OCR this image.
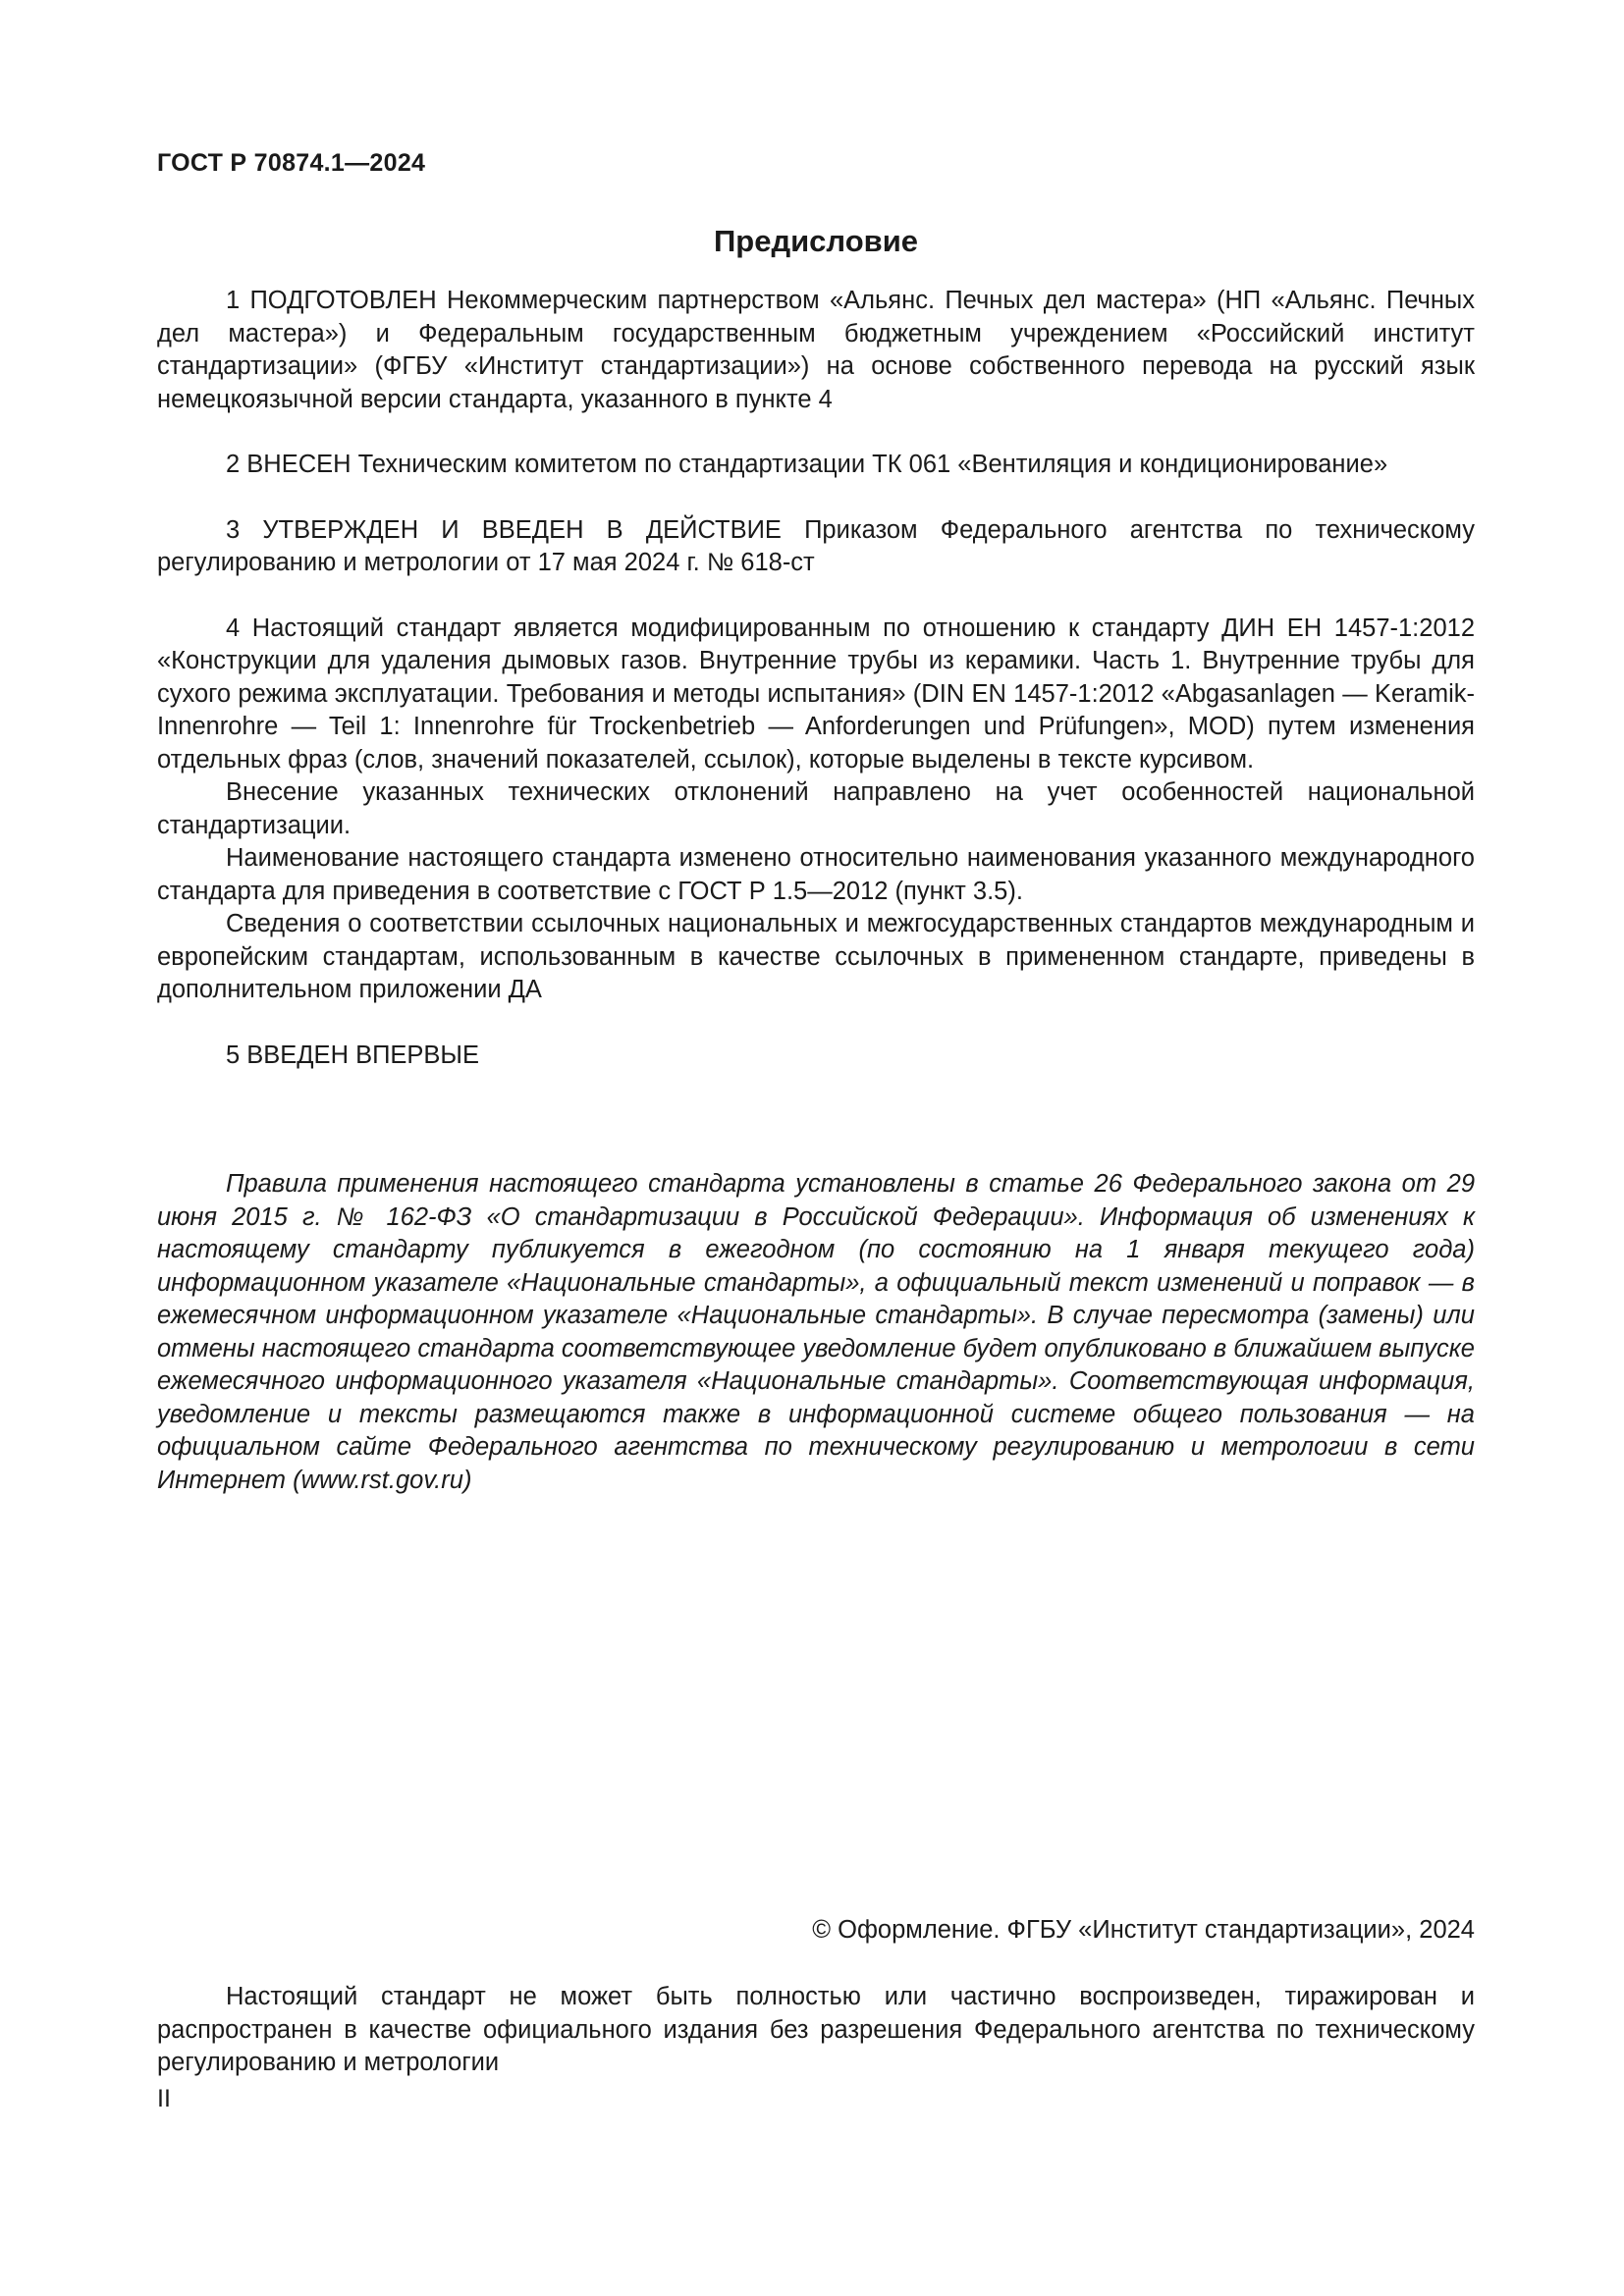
ГОСТ Р 70874.1—2024
Предисловие

1 ПОДГОТОВЛЕН Некоммерческим партнерством «Альянс. Печных дел мастера» (НП «Альянс. Печных дел мастера») и Федеральным государственным бюджетным учреждением «Российский институт стандартизации» (ФГБУ «Институт стандартизации») на основе собственного перевода на русский язык немецкоязычной версии стандарта, указанного в пункте 4

2 ВНЕСЕН Техническим комитетом по стандартизации ТК 061 «Вентиляция и кондиционирование»

3 УТВЕРЖДЕН И ВВЕДЕН В ДЕЙСТВИЕ Приказом Федерального агентства по техническому регулированию и метрологии от 17 мая 2024 г. № 618-ст

4 Настоящий стандарт является модифицированным по отношению к стандарту ДИН ЕН 1457-1:2012 «Конструкции для удаления дымовых газов. Внутренние трубы из керамики. Часть 1. Внутренние трубы для сухого режима эксплуатации. Требования и методы испытания» (DIN EN 1457-1:2012 «Abgasanlagen — Keramik-Innenrohre — Teil 1: Innenrohre für Trockenbetrieb — Anforderungen und Prüfungen», MOD) путем изменения отдельных фраз (слов, значений показателей, ссылок), которые выделены в тексте курсивом.

Внесение указанных технических отклонений направлено на учет особенностей национальной стандартизации.

Наименование настоящего стандарта изменено относительно наименования указанного международного стандарта для приведения в соответствие с ГОСТ Р 1.5—2012 (пункт 3.5).

Сведения о соответствии ссылочных национальных и межгосударственных стандартов международным и европейским стандартам, использованным в качестве ссылочных в примененном стандарте, приведены в дополнительном приложении ДА

5 ВВЕДЕН ВПЕРВЫЕ

Правила применения настоящего стандарта установлены в статье 26 Федерального закона от 29 июня 2015 г. № 162-ФЗ «О стандартизации в Российской Федерации». Информация об изменениях к настоящему стандарту публикуется в ежегодном (по состоянию на 1 января текущего года) информационном указателе «Национальные стандарты», а официальный текст изменений и поправок — в ежемесячном информационном указателе «Национальные стандарты». В случае пересмотра (замены) или отмены настоящего стандарта соответствующее уведомление будет опубликовано в ближайшем выпуске ежемесячного информационного указателя «Национальные стандарты». Соответствующая информация, уведомление и тексты размещаются также в информационной системе общего пользования — на официальном сайте Федерального агентства по техническому регулированию и метрологии в сети Интернет (www.rst.gov.ru)

© Оформление. ФГБУ «Институт стандартизации», 2024

Настоящий стандарт не может быть полностью или частично воспроизведен, тиражирован и распространен в качестве официального издания без разрешения Федерального агентства по техническому регулированию и метрологии

II
